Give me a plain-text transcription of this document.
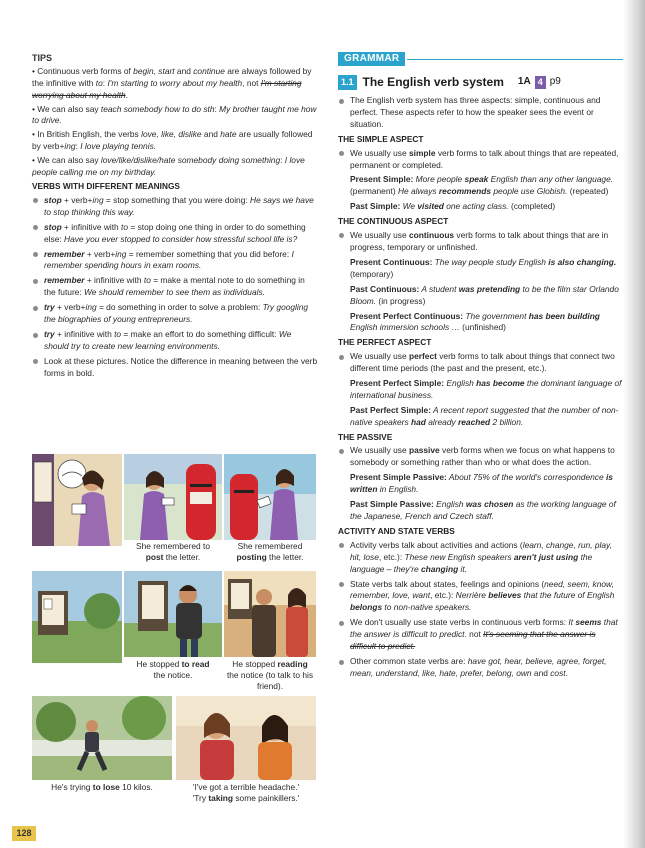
TIPS

• Continuous verb forms of begin, start and continue are always followed by the infinitive with to: I'm starting to worry about my health, not I'm starting worrying about my health.

• We can also say teach somebody how to do sth: My brother taught me how to drive.

• In British English, the verbs love, like, dislike and hate are usually followed by verb+ing: I love playing tennis.

• We can also say love/like/dislike/hate somebody doing something: I love people calling me on my birthday.

VERBS WITH DIFFERENT MEANINGS
stop + verb+ing = stop something that you were doing: He says we have to stop thinking this way.
stop + infinitive with to = stop doing one thing in order to do something else: Have you ever stopped to consider how stressful school life is?
remember + verb+ing = remember something that you did before: I remember spending hours in exam rooms.
remember + infinitive with to = make a mental note to do something in the future: We should remember to see them as individuals.
try + verb+ing = do something in order to solve a problem: Try googling the biographies of young entrepreneurs.
try + infinitive with to = make an effort to do something difficult: We should try to create new learning environments.
Look at these pictures. Notice the difference in meaning between the verb forms in bold.
She remembered to
post the letter.
She remembered
posting the letter.
He stopped to read
the notice.
He stopped reading
the notice (to talk to his friend).
He's trying to lose 10 kilos.	'I've got a terrible headache.'
'Try taking some painkillers.'
GRAMMAR
1.1 The English verb system 1A 4 p9
The English verb system has three aspects: simple, continuous and perfect. These aspects refer to how the speaker sees the event or situation.
THE SIMPLE ASPECT
We usually use simple verb forms to talk about things that are repeated, permanent or completed.

Present Simple: More people speak English than any other language. (permanent) He always recommends people use Globish. (repeated)

Past Simple: We visited one acting class. (completed)

THE CONTINUOUS ASPECT
We usually use continuous verb forms to talk about things that are in progress, temporary or unfinished.

Present Continuous: The way people study English is also changing. (temporary)

Past Continuous: A student was pretending to be the film star Orlando Bloom. (in progress)

Present Perfect Continuous: The government has been building English immersion schools … (unfinished)

THE PERFECT ASPECT
We usually use perfect verb forms to talk about things that connect two different time periods (the past and the present, etc.).

Present Perfect Simple: English has become the dominant language of international business.

Past Perfect Simple: A recent report suggested that the number of non-native speakers had already reached 2 billion.

THE PASSIVE
We usually use passive verb forms when we focus on what happens to somebody or something rather than who or what does the action.

Present Simple Passive: About 75% of the world's correspondence is written in English.

Past Simple Passive: English was chosen as the working language of the Japanese, French and Czech staff.

ACTIVITY AND STATE VERBS
Activity verbs talk about activities and actions (learn, change, run, play, hit, lose, etc.): These new English speakers aren't just using the language – they're changing it.
State verbs talk about states, feelings and opinions (need, seem, know, remember, love, want, etc.): Nerrière believes that the future of English belongs to non-native speakers.
We don't usually use state verbs in continuous verb forms: It seems that the answer is difficult to predict. not It's seeming that the answer is difficult to predict.
Other common state verbs are: have got, hear, believe, agree, forget, mean, understand, like, hate, prefer, belong, own and cost.
128
